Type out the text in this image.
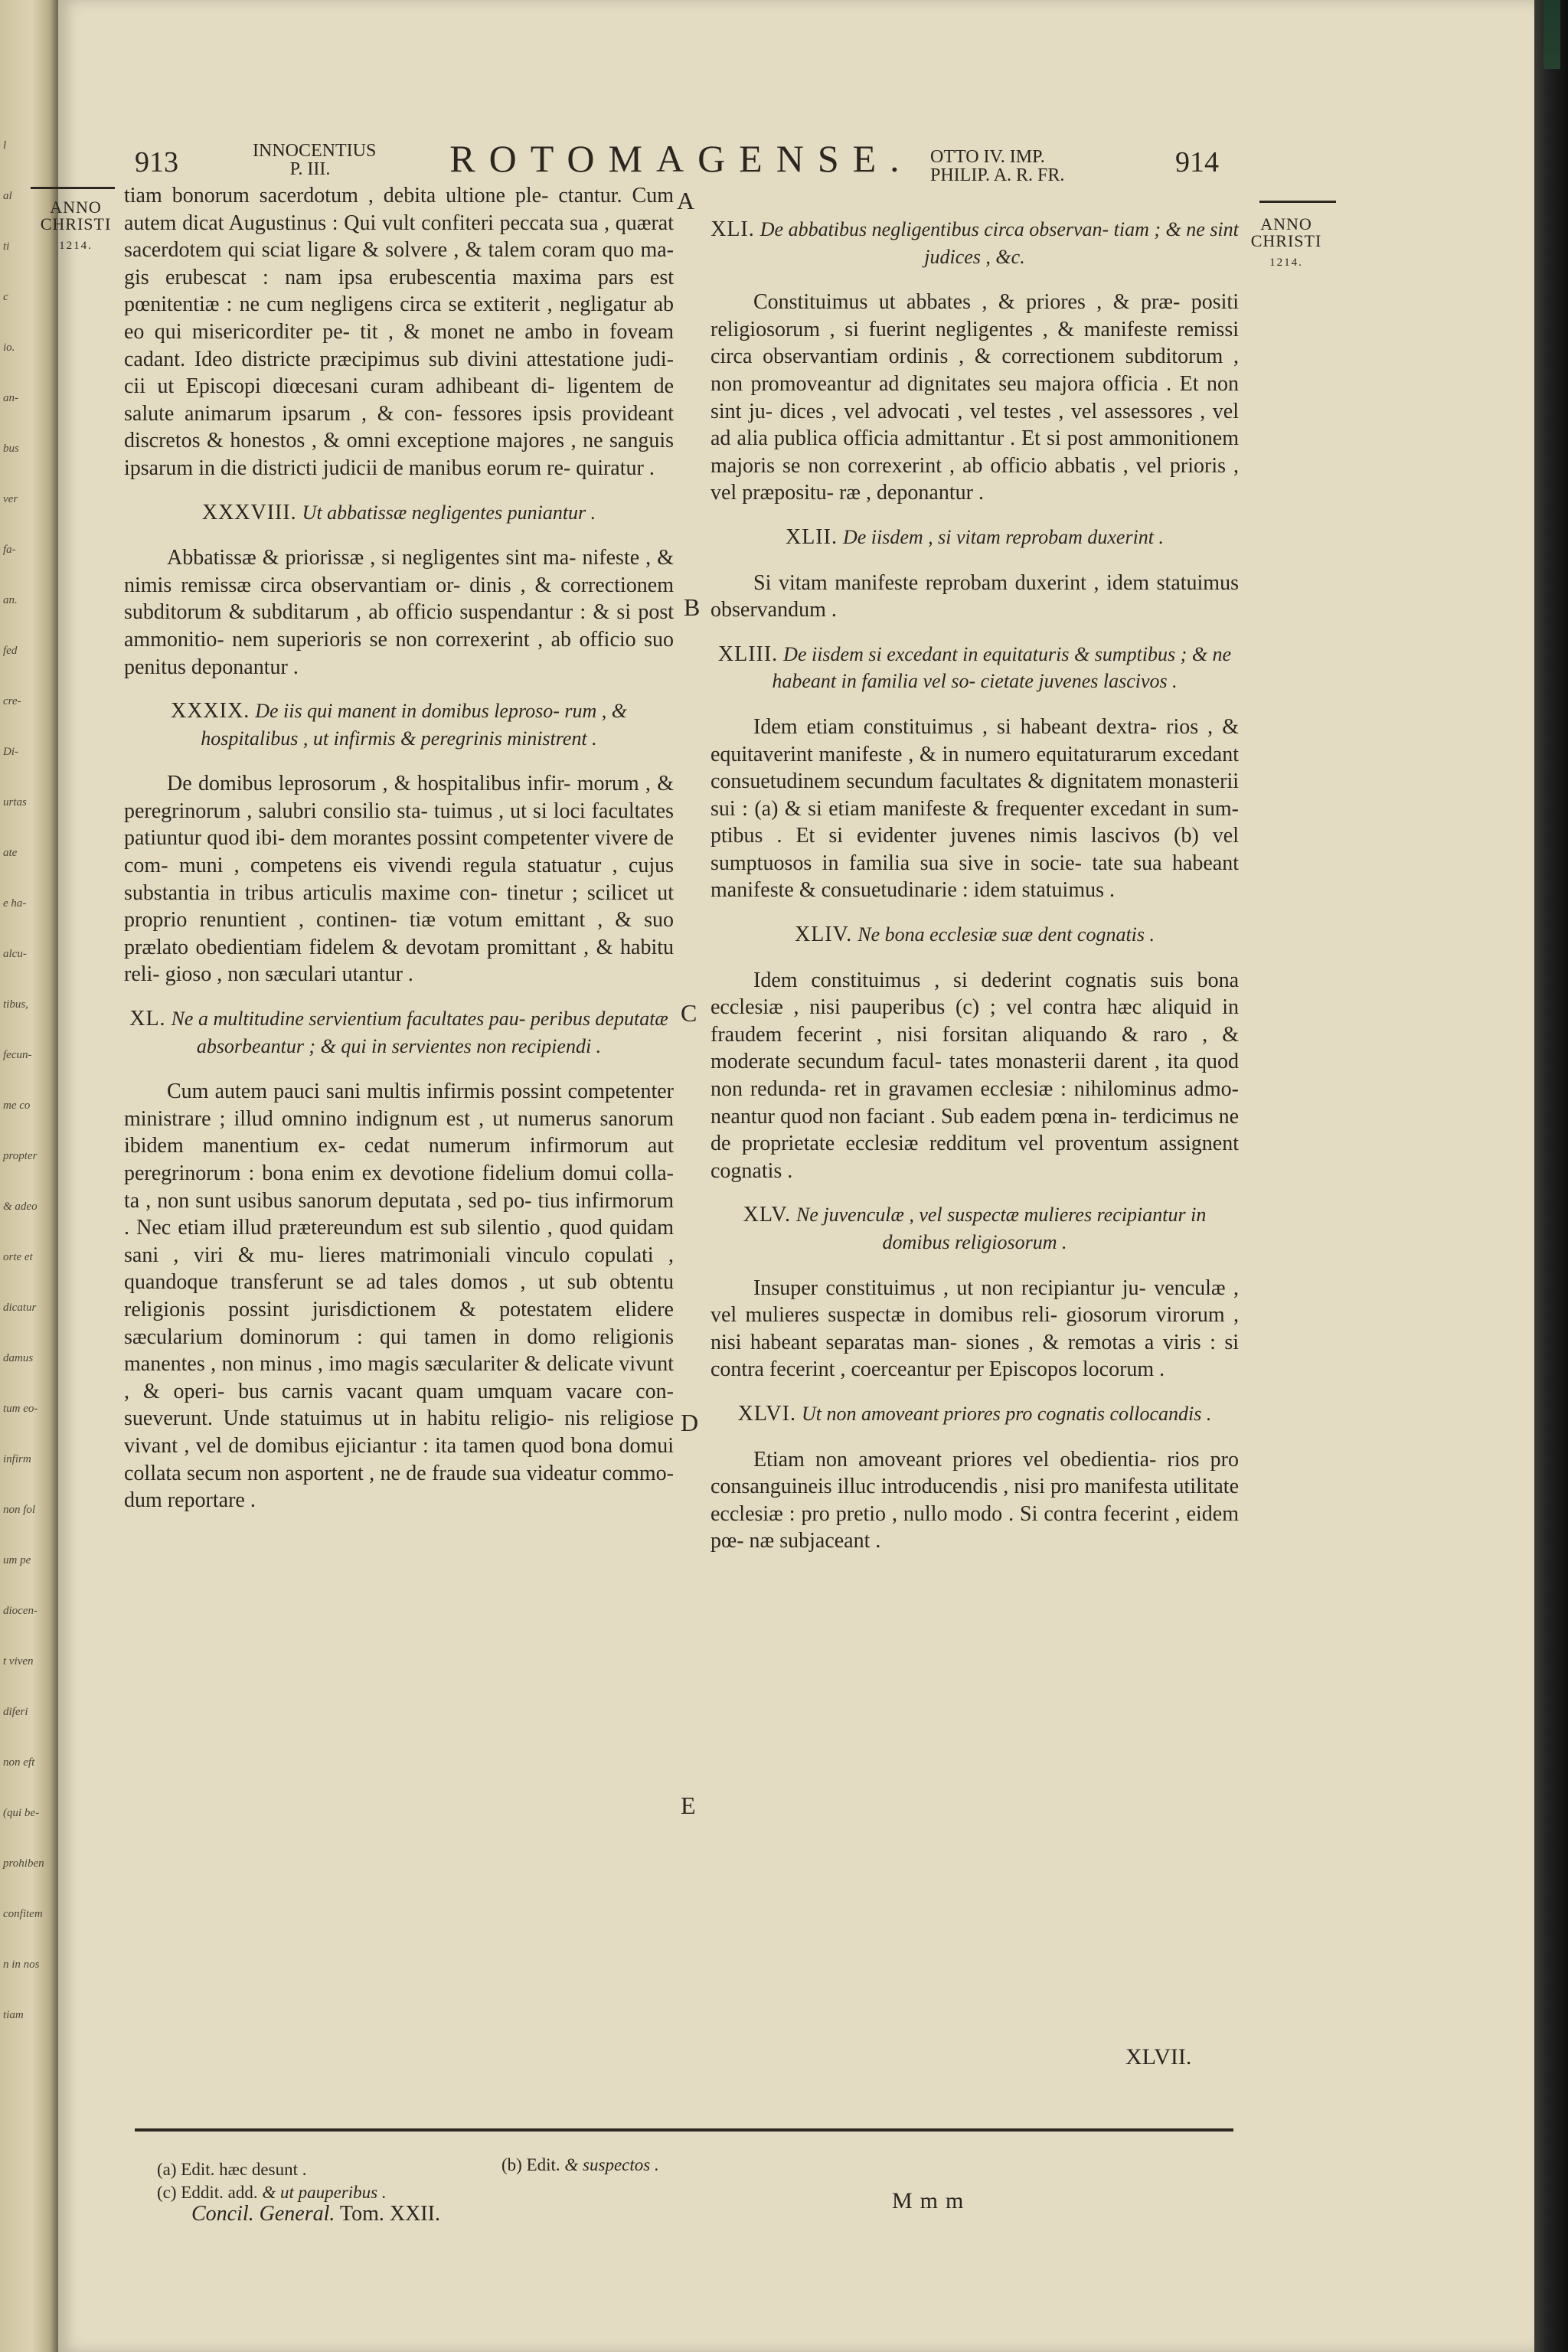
l
al
ti
c
io.
an-
bus
ver
fa-
an.
fed
cre-
Di-
urtas
ate
e ha-
alcu-
tibus,
fecun-
me co
propter
& adeo
orte et
dicatur
damus
tum eo-
infirm
non fol
um pe
diocen-
t viven
diferi
non eft
(qui be-
prohiben
confitem
n in nos
tiam
913	INNOCENTIUS
P. III.	ROTOMAGENSE. OTTO IV. IMP.
PHILIP. A. R. FR.	914
ANNO
CHRISTI
1214.
ANNO
CHRISTI
1214.
A
B
C
D
E

tiam bonorum sacerdotum , debita ultione ple- ctantur. Cum autem dicat Augustinus : Qui vult confiteri peccata sua , quærat sacerdotem qui sciat ligare & solvere , & talem coram quo ma- gis erubescat : nam ipsa erubescentia maxima pars est pœnitentiæ : ne cum negligens circa se extiterit , negligatur ab eo qui misericorditer pe- tit , & monet ne ambo in foveam cadant. Ideo districte præcipimus sub divini attestatione judi- cii ut Episcopi diœcesani curam adhibeant di- ligentem de salute animarum ipsarum , & con- fessores ipsis provideant discretos & honestos , & omni exceptione majores , ne sanguis ipsarum in die districti judicii de manibus eorum re- quiratur .

XXXVIII. Ut abbatissæ negligentes puniantur .

Abbatissæ & priorissæ , si negligentes sint ma- nifeste , & nimis remissæ circa observantiam or- dinis , & correctionem subditorum & subditarum , ab officio suspendantur : & si post ammonitio- nem superioris se non correxerint , ab officio suo penitus deponantur .

XXXIX. De iis qui manent in domibus leproso- rum , & hospitalibus , ut infirmis & peregrinis ministrent .

De domibus leprosorum , & hospitalibus infir- morum , & peregrinorum , salubri consilio sta- tuimus , ut si loci facultates patiuntur quod ibi- dem morantes possint competenter vivere de com- muni , competens eis vivendi regula statuatur , cujus substantia in tribus articulis maxime con- tinetur ; scilicet ut proprio renuntient , continen- tiæ votum emittant , & suo prælato obedientiam fidelem & devotam promittant , & habitu reli- gioso , non sæculari utantur .

XL. Ne a multitudine servientium facultates pau- peribus deputatæ absorbeantur ; & qui in servientes non recipiendi .

Cum autem pauci sani multis infirmis possint competenter ministrare ; illud omnino indignum est , ut numerus sanorum ibidem manentium ex- cedat numerum infirmorum aut peregrinorum : bona enim ex devotione fidelium domui colla- ta , non sunt usibus sanorum deputata , sed po- tius infirmorum . Nec etiam illud prætereundum est sub silentio , quod quidam sani , viri & mu- lieres matrimoniali vinculo copulati , quandoque transferunt se ad tales domos , ut sub obtentu religionis possint jurisdictionem & potestatem elidere sæcularium dominorum : qui tamen in domo religionis manentes , non minus , imo magis sæculariter & delicate vivunt , & operi- bus carnis vacant quam umquam vacare con- sueverunt. Unde statuimus ut in habitu religio- nis religiose vivant , vel de domibus ejiciantur : ita tamen quod bona domui collata secum non asportent , ne de fraude sua videatur commo- dum reportare .

XLI. De abbatibus negligentibus circa observan- tiam ; & ne sint judices , &c.

Constituimus ut abbates , & priores , & præ- positi religiosorum , si fuerint negligentes , & manifeste remissi circa observantiam ordinis , & correctionem subditorum , non promoveantur ad dignitates seu majora officia . Et non sint ju- dices , vel advocati , vel testes , vel assessores , vel ad alia publica officia admittantur . Et si post ammonitionem majoris se non correxerint , ab officio abbatis , vel prioris , vel præpositu- ræ , deponantur .

XLII. De iisdem , si vitam reprobam duxerint .

Si vitam manifeste reprobam duxerint , idem statuimus observandum .

XLIII. De iisdem si excedant in equitaturis & sumptibus ; & ne habeant in familia vel so- cietate juvenes lascivos .

Idem etiam constituimus , si habeant dextra- rios , & equitaverint manifeste , & in numero equitaturarum excedant consuetudinem secundum facultates & dignitatem monasterii sui : (a) & si etiam manifeste & frequenter excedant in sum- ptibus . Et si evidenter juvenes nimis lascivos (b) vel sumptuosos in familia sua sive in socie- tate sua habeant manifeste & consuetudinarie : idem statuimus .

XLIV. Ne bona ecclesiæ suæ dent cognatis .

Idem constituimus , si dederint cognatis suis bona ecclesiæ , nisi pauperibus (c) ; vel contra hæc aliquid in fraudem fecerint , nisi forsitan aliquando & raro , & moderate secundum facul- tates monasterii darent , ita quod non redunda- ret in gravamen ecclesiæ : nihilominus admo- neantur quod non faciant . Sub eadem pœna in- terdicimus ne de proprietate ecclesiæ redditum vel proventum assignent cognatis .

XLV. Ne juvenculæ , vel suspectæ mulieres recipiantur in domibus religiosorum .

Insuper constituimus , ut non recipiantur ju- venculæ , vel mulieres suspectæ in domibus reli- giosorum virorum , nisi habeant separatas man- siones , & remotas a viris : si contra fecerint , coerceantur per Episcopos locorum .

XLVI. Ut non amoveant priores pro cognatis collocandis .

Etiam non amoveant priores vel obedientia- rios pro consanguineis illuc introducendis , nisi pro manifesta utilitate ecclesiæ : pro pretio , nullo modo . Si contra fecerint , eidem pœ- næ subjaceant .

XLVII.
(a) Edit. hæc desunt .	(b) Edit. & suspectos .
(c) Eddit. add. & ut pauperibus .
Concil. General. Tom. XXII.
Mmm
